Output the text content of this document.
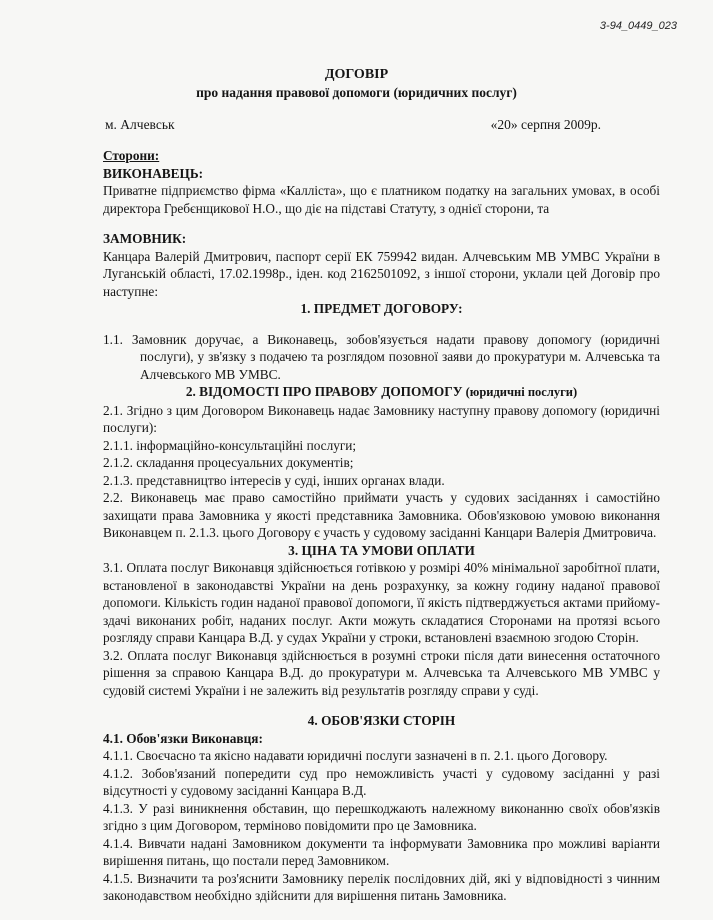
3-94_0449_023
ДОГОВІР
про надання правової допомоги (юридичних послуг)
м. Алчевськ	«20» серпня 2009р.

Сторони:

ВИКОНАВЕЦЬ:

Приватне підприємство фірма «Калліста», що є платником податку на загальних умовах, в особі директора Гребєнщикової Н.О., що діє на підставі Статуту, з однієї сторони, та

ЗАМОВНИК:

Канцара Валерій Дмитрович, паспорт серії ЕК 759942 видан. Алчевським МВ УМВС України в Луганській області, 17.02.1998р., іден. код 2162501092, з іншої сторони, уклали цей Договір про наступне:

1. ПРЕДМЕТ ДОГОВОРУ:

1.1. Замовник доручає, а Виконавець, зобов'язується надати правову допомогу (юридичні послуги), у зв'язку з подачею та розглядом позовної заяви до прокуратури м. Алчевська та Алчевського МВ УМВС.

2. ВІДОМОСТІ ПРО ПРАВОВУ ДОПОМОГУ (юридичні послуги)

2.1. Згідно з цим Договором Виконавець надає Замовнику наступну правову допомогу (юридичні послуги):

2.1.1. інформаційно-консультаційні послуги;

2.1.2. складання процесуальних документів;

2.1.3. представництво інтересів у суді, інших органах влади.

2.2. Виконавець має право самостійно приймати участь у судових засіданнях і самостійно захищати права Замовника у якості представника Замовника. Обов'язковою умовою виконання Виконавцем п. 2.1.3. цього Договору є участь у судовому засіданні Канцари Валерія Дмитровича.

3. ЦІНА ТА УМОВИ ОПЛАТИ

3.1. Оплата послуг Виконавця здійснюється готівкою у розмірі 40% мінімальної заробітної плати, встановленої в законодавстві України на день розрахунку, за кожну годину наданої правової допомоги. Кількість годин наданої правової допомоги, її якість підтверджується актами прийому-здачі виконаних робіт, наданих послуг. Акти можуть складатися Сторонами на протязі всього розгляду справи Канцара В.Д. у судах України у строки, встановлені взаємною згодою Сторін.

3.2. Оплата послуг Виконавця здійснюється в розумні строки після дати винесення остаточного рішення за справою Канцара В.Д. до прокуратури м. Алчевська та Алчевського МВ УМВС у судовій системі України і не залежить від результатів розгляду справи у суді.

4. ОБОВ'ЯЗКИ СТОРІН

4.1. Обов'язки Виконавця:

4.1.1. Своєчасно та якісно надавати юридичні послуги зазначені в п. 2.1. цього Договору.

4.1.2. Зобов'язаний попередити суд про неможливість участі у судовому засіданні у разі відсутності у судовому засіданні Канцара В.Д.

4.1.3. У разі виникнення обставин, що перешкоджають належному виконанню своїх обов'язків згідно з цим Договором, терміново повідомити про це Замовника.

4.1.4. Вивчати надані Замовником документи та інформувати Замовника про можливі варіанти вирішення питань, що постали перед Замовником.

4.1.5. Визначити та роз'яснити Замовнику перелік послідовних дій, які у відповідності з чинним законодавством необхідно здійснити для вирішення питань Замовника.
